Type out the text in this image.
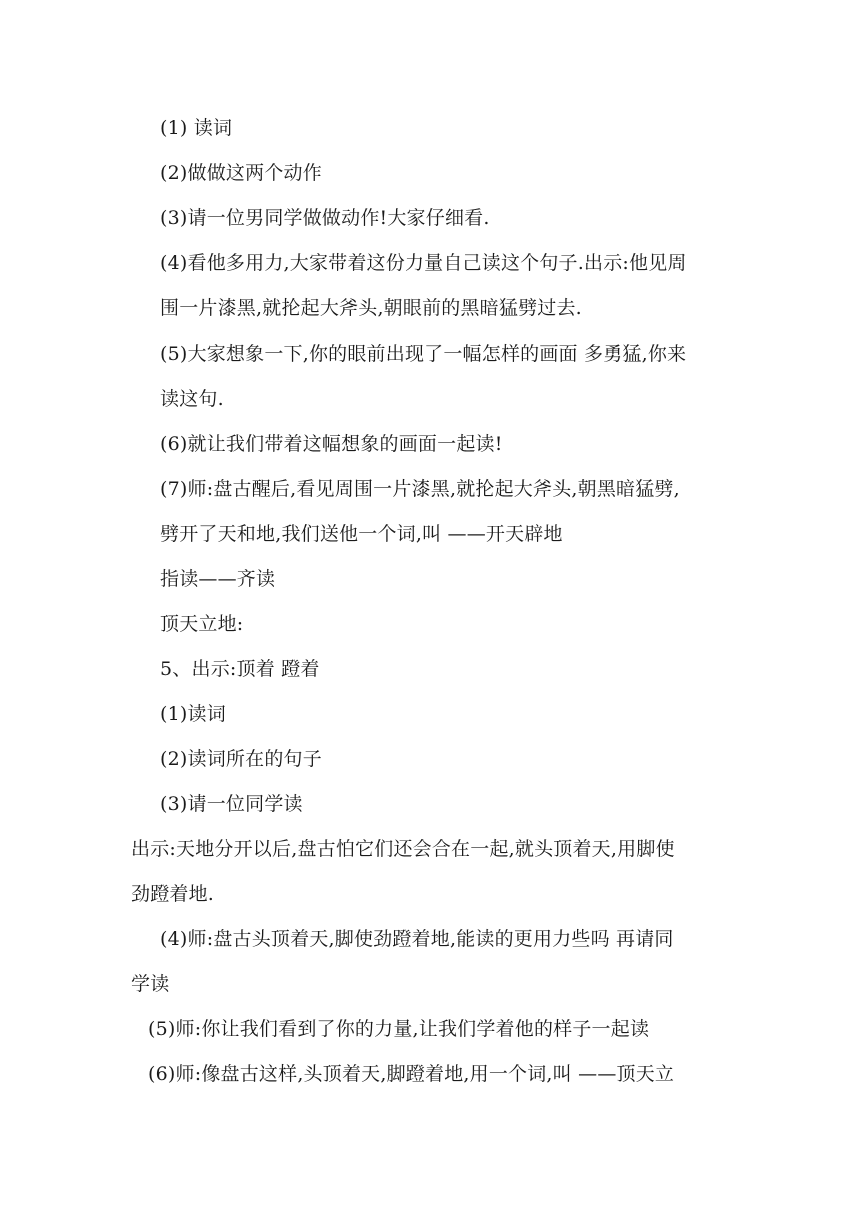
(1) 读词
(2)做做这两个动作
(3)请一位男同学做做动作!大家仔细看.
(4)看他多用力,大家带着这份力量自己读这个句子.出示:他见周
围一片漆黑,就抡起大斧头,朝眼前的黑暗猛劈过去.
(5)大家想象一下,你的眼前出现了一幅怎样的画面 多勇猛,你来
读这句.
(6)就让我们带着这幅想象的画面一起读!
(7)师:盘古醒后,看见周围一片漆黑,就抡起大斧头,朝黑暗猛劈,
劈开了天和地,我们送他一个词,叫 ——开天辟地
指读——齐读
顶天立地:
5、出示:顶着 蹬着
(1)读词
(2)读词所在的句子
(3)请一位同学读
出示:天地分开以后,盘古怕它们还会合在一起,就头顶着天,用脚使
劲蹬着地.
(4)师:盘古头顶着天,脚使劲蹬着地,能读的更用力些吗 再请同
学读
(5)师:你让我们看到了你的力量,让我们学着他的样子一起读
(6)师:像盘古这样,头顶着天,脚蹬着地,用一个词,叫 ——顶天立
